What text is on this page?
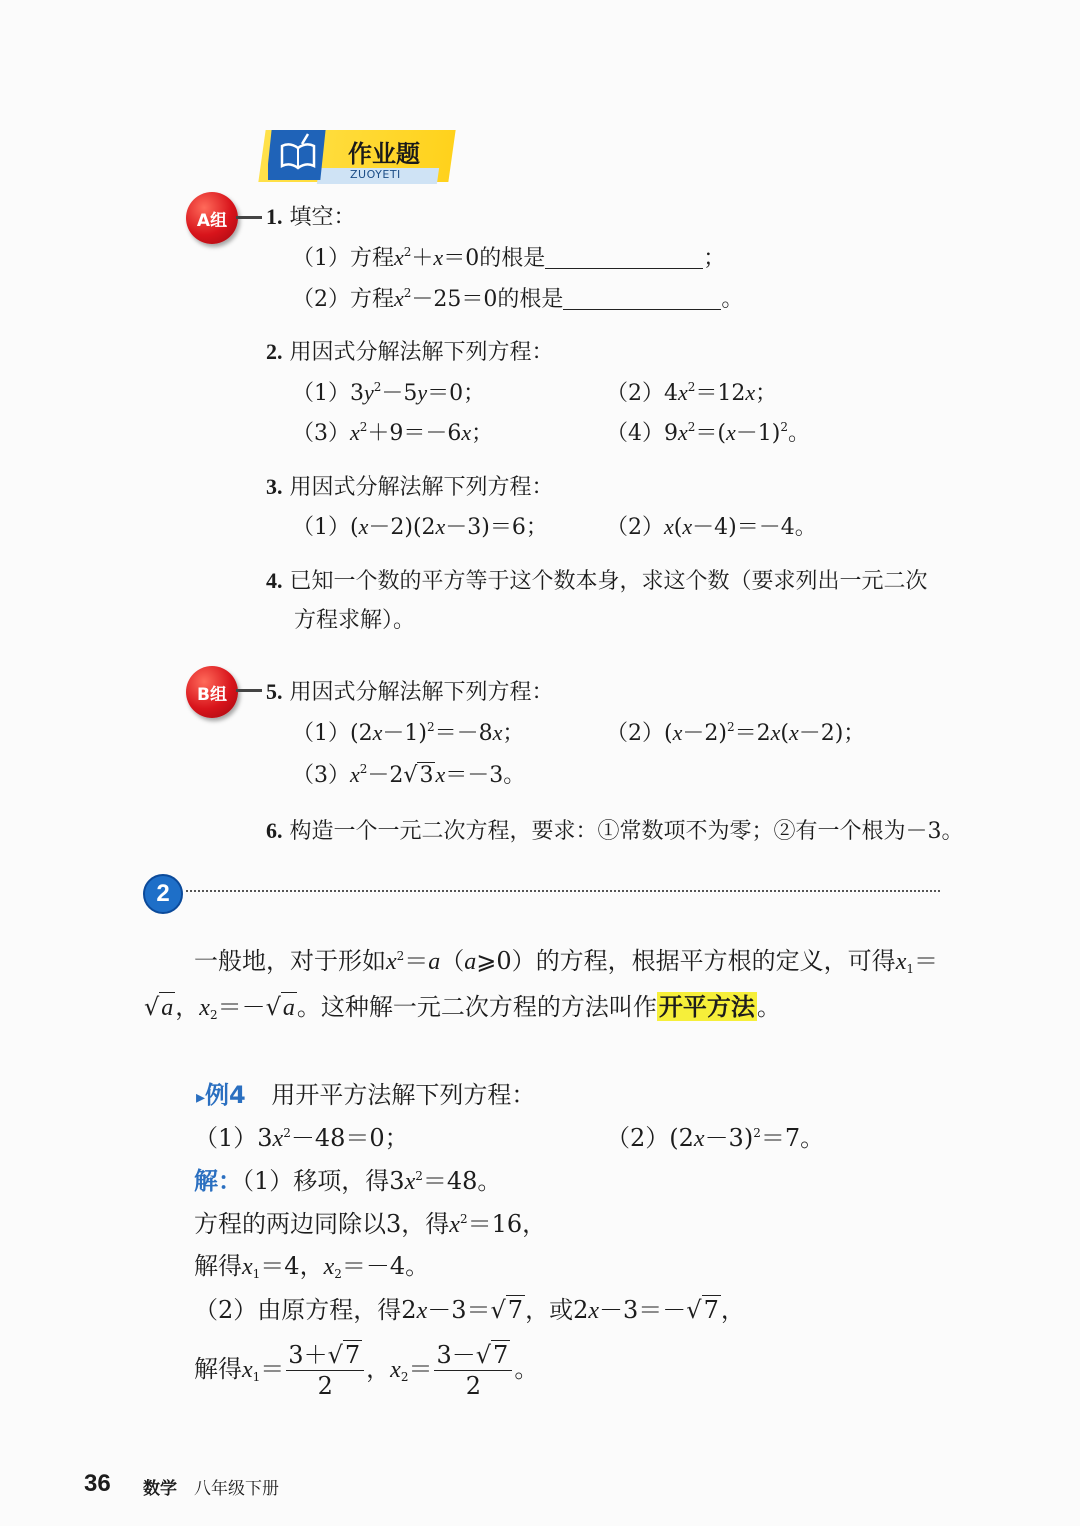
作业题
ZUOYETI
A组 1. 填空：
（1）方程$x^2+x=0$的根是	；
（2）方程$x^2-25=0$的根是	。
2. 用因式分解法解下列方程：
$(1)3y^2-5y=0$；	$(2)4x^2=12x$；
$(3)x^2+9=-6x$；	$(4)9x^2=(x-1)^2$。
3. 用因式分解法解下列方程：
（1）(x－2)(2x－3)＝6；	（2）x(x－4)＝－4。
4. 已知一个数的平方等于这个数本身，求这个数（要求列出一元二次
方程求解）。
B组 5. 用因式分解法解下列方程：
$(1)(2x-1)^2=-8x$；	$(2)(x-2)^2=2x(x-2)$；
$(3)x^2-2√3x=-3$。
6. 构造一个一元二次方程，要求：①常数项不为零；②有一个根为－3。
2
一般地，对于形如$x^2=a(a⩾0)$的方程，根据平方根的定义，可得$x_1=$
√a，$x_2=-√a$。这种解一元二次方程的方法叫作开平方法。
▸例4 用开平方法解下列方程：
$(1)3x^2-48=0$；	$(2)(2x-3)^2=7$。
解：（1）移项，得$3x^2=48$。
方程的两边同除以3，得$x^2=16$，
解得$x_1=4$，$x_2=-4$。
（2）由原方程，得2x－3＝√7，或2x－3＝－√7，
解得$x_1= \frac{3+√7}{2}$ ，$x_2= \frac{3-√7}{2}$ 。
36 数学 八年级下册
